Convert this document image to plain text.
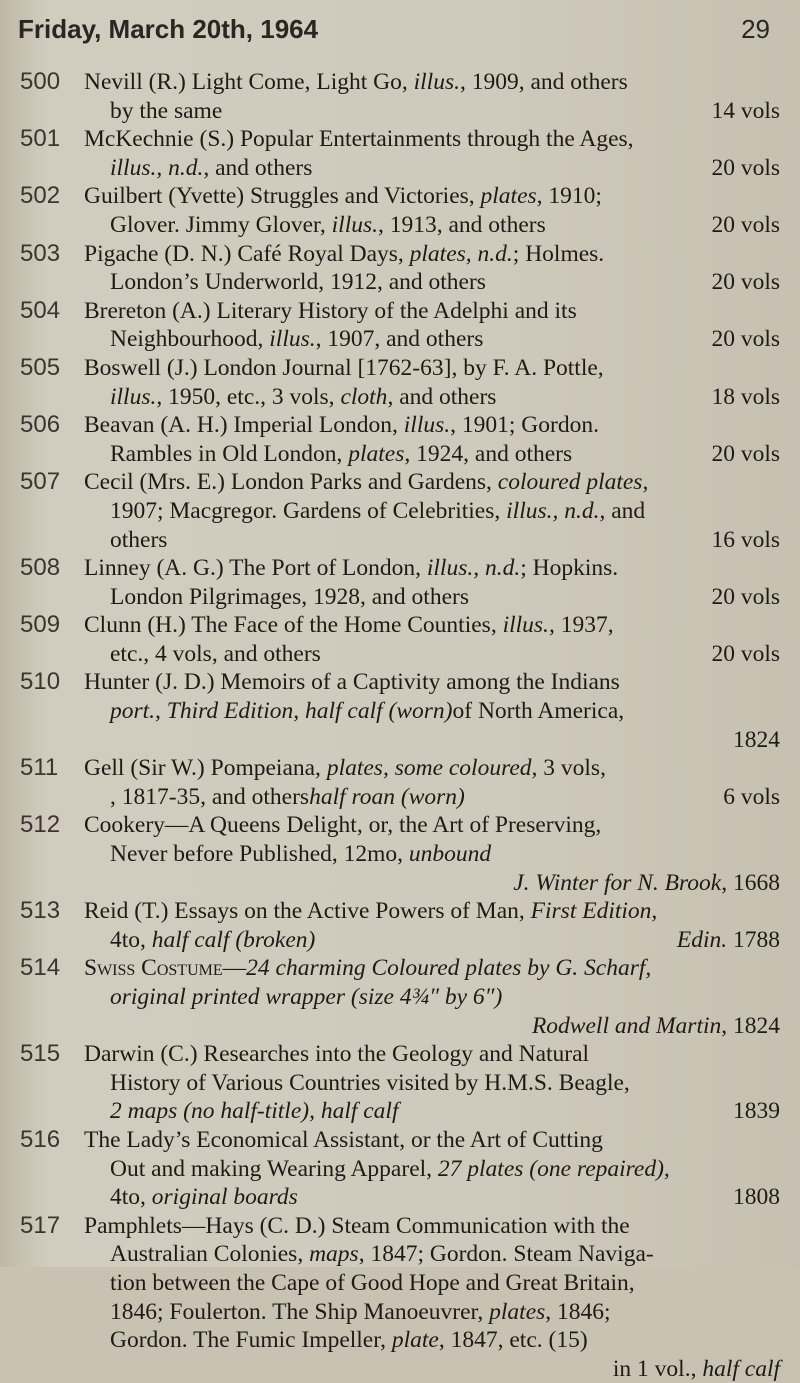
Friday, March 20th, 1964	29
500	Nevill (R.) Light Come, Light Go, illus., 1909, and others
by the same	14 vols
501	McKechnie (S.) Popular Entertainments through the Ages,
illus., n.d., and others	20 vols
502	Guilbert (Yvette) Struggles and Victories, plates, 1910;
Glover. Jimmy Glover, illus., 1913, and others	20 vols
503	Pigache (D. N.) Café Royal Days, plates, n.d.; Holmes.
London’s Underworld, 1912, and others	20 vols
504	Brereton (A.) Literary History of the Adelphi and its
Neighbourhood, illus., 1907, and others	20 vols
505	Boswell (J.) London Journal [1762-63], by F. A. Pottle,
illus., 1950, etc., 3 vols, cloth, and others	18 vols
506	Beavan (A. H.) Imperial London, illus., 1901; Gordon.
Rambles in Old London, plates, 1924, and others	20 vols
507	Cecil (Mrs. E.) London Parks and Gardens, coloured plates,
1907; Macgregor. Gardens of Celebrities, illus., n.d., and
others	16 vols
508	Linney (A. G.) The Port of London, illus., n.d.; Hopkins.
London Pilgrimages, 1928, and others	20 vols
509	Clunn (H.) The Face of the Home Counties, illus., 1937,
etc., 4 vols, and others	20 vols
510	Hunter (J. D.) Memoirs of a Captivity among the Indians
port., Third Edition, half calf (worn)of North America,
1824
511	Gell (Sir W.) Pompeiana, plates, some coloured, 3 vols,
, 1817-35, and othershalf roan (worn)	6 vols
512	Cookery—A Queens Delight, or, the Art of Preserving,
Never before Published, 12mo, unbound
J. Winter for N. Brook, 1668
513	Reid (T.) Essays on the Active Powers of Man, First Edition,
4to, half calf (broken)	Edin. 1788
514	Swiss Costume—24 charming Coloured plates by G. Scharf,
original printed wrapper (size 4¾″ by 6″)
Rodwell and Martin, 1824
515	Darwin (C.) Researches into the Geology and Natural
History of Various Countries visited by H.M.S. Beagle,
2 maps (no half-title), half calf	1839
516	The Lady’s Economical Assistant, or the Art of Cutting
Out and making Wearing Apparel, 27 plates (one repaired),
4to, original boards	1808
517	Pamphlets—Hays (C. D.) Steam Communication with the
Australian Colonies, maps, 1847; Gordon. Steam Naviga-
tion between the Cape of Good Hope and Great Britain,
1846; Foulerton. The Ship Manoeuvrer, plates, 1846;
Gordon. The Fumic Impeller, plate, 1847, etc. (15)
in 1 vol., half calf
